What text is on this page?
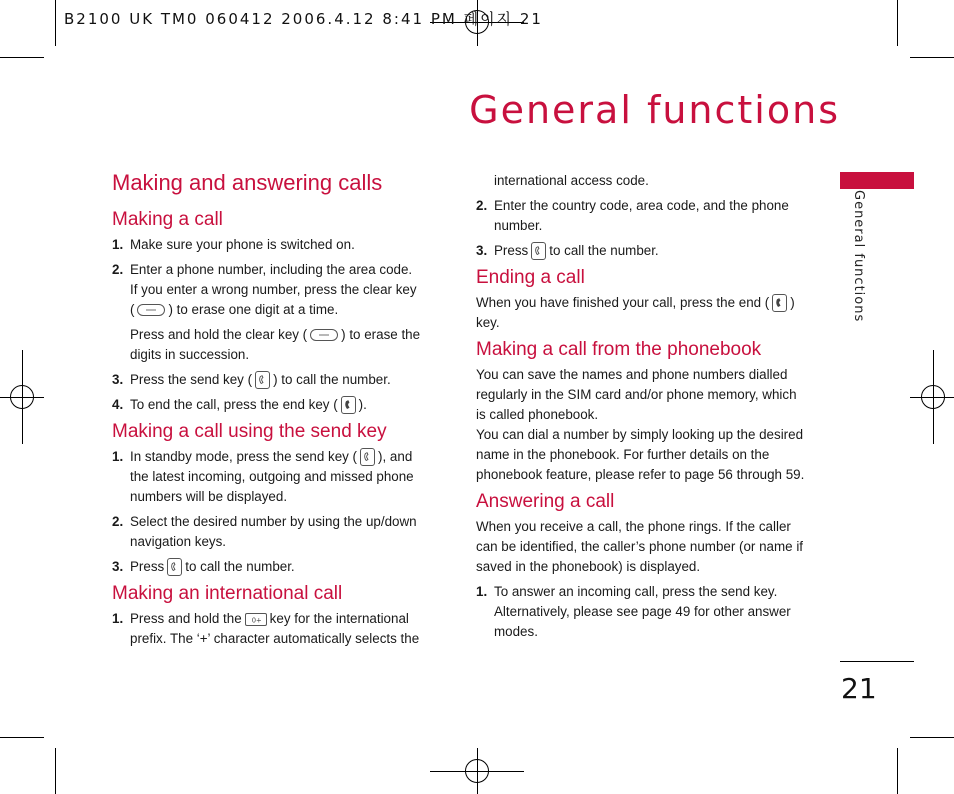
B2100 UK TM0 060412 2006.4.12 8:41 PM 페이지 21
General functions
General functions
21
Making and answering calls
Making a call
1. Make sure your phone is switched on.
2. Enter a phone number, including the area code.
If you enter a wrong number, press the clear key
(	) to erase one digit at a time.
Press and hold the clear key (	) to erase the digits in succession.
3. Press the send key ( ) to call the number.
4. To end the call, press the end key ( ).
Making a call using the send key
1. In standby mode, press the send key ( ), and the latest incoming, outgoing and missed phone numbers will be displayed.
2. Select the desired number by using the up/down navigation keys.
3. Press to call the number.
Making an international call
1. Press and hold the 0+ key for the international prefix. The ‘+’ character automatically selects the
international access code.
2. Enter the country code, area code, and the phone number.
3. Press to call the number.
Ending a call
When you have finished your call, press the end ( ) key.
Making a call from the phonebook
You can save the names and phone numbers dialled regularly in the SIM card and/or phone memory, which is called phonebook.
You can dial a number by simply looking up the desired name in the phonebook. For further details on the phonebook feature, please refer to page 56 through 59.
Answering a call
When you receive a call, the phone rings. If the caller can be identified, the caller’s phone number (or name if saved in the phonebook) is displayed.
1. To answer an incoming call, press the send key. Alternatively, please see page 49 for other answer modes.
